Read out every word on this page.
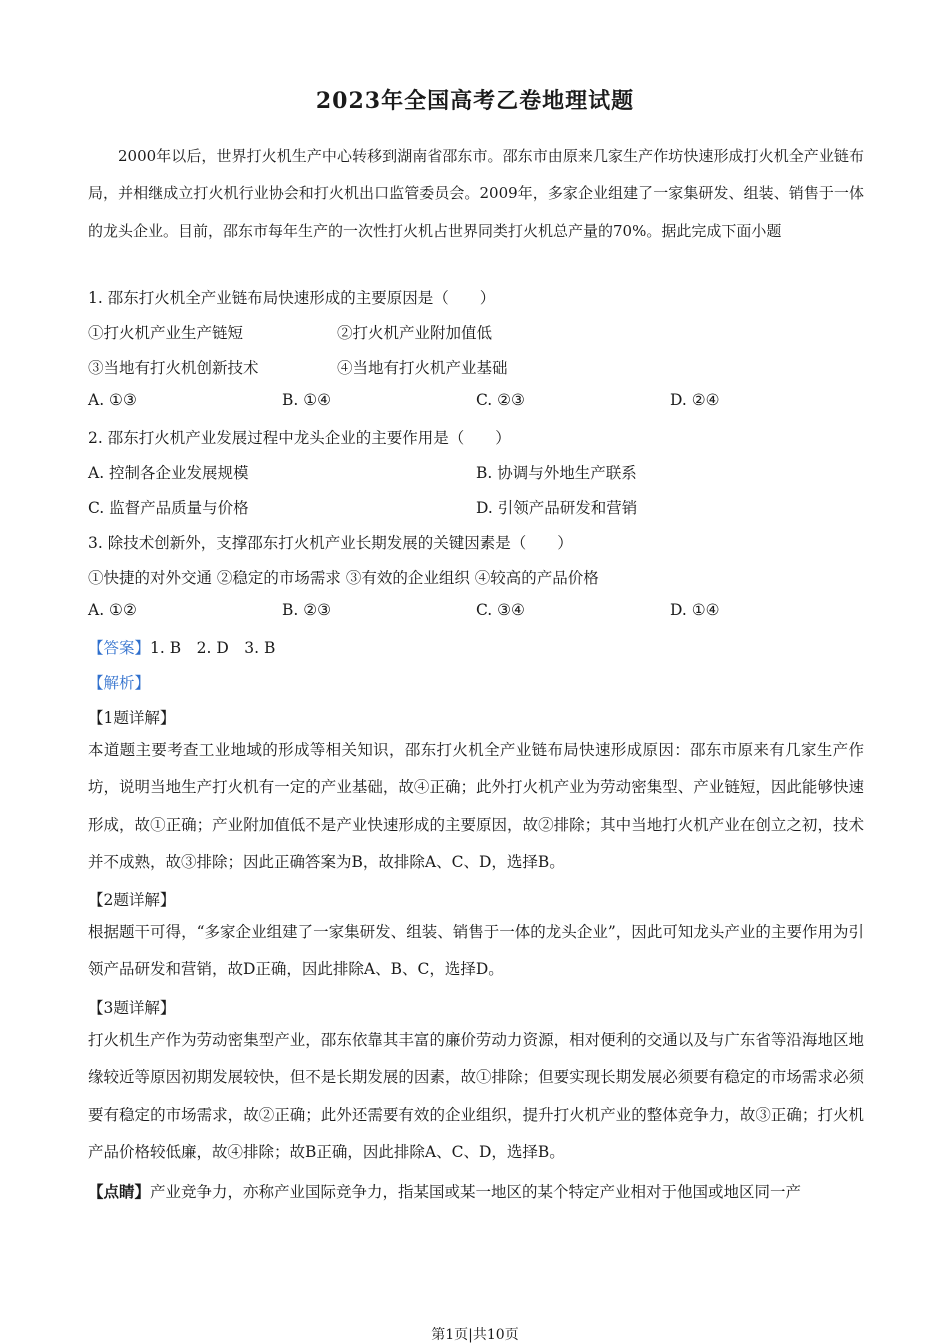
2023年全国高考乙卷地理试题
2000年以后，世界打火机生产中心转移到湖南省邵东市。邵东市由原来几家生产作坊快速形成打火机全产业链布局，并相继成立打火机行业协会和打火机出口监管委员会。2009年，多家企业组建了一家集研发、组装、销售于一体的龙头企业。目前，邵东市每年生产的一次性打火机占世界同类打火机总产量的70%。据此完成下面小题
1. 邵东打火机全产业链布局快速形成的主要原因是（　　）
①打火机产业生产链短	②打火机产业附加值低
③当地有打火机创新技术	④当地有打火机产业基础
A. ①③	B. ①④	C. ②③	D. ②④
2. 邵东打火机产业发展过程中龙头企业的主要作用是（　　）
A. 控制各企业发展规模	B. 协调与外地生产联系
C. 监督产品质量与价格	D. 引领产品研发和营销
3. 除技术创新外，支撑邵东打火机产业长期发展的关键因素是（　　）
①快捷的对外交通 ②稳定的市场需求 ③有效的企业组织 ④较高的产品价格
A. ①②	B. ②③	C. ③④	D. ①④
【答案】1. B　2. D　3. B
【解析】
【1题详解】
本道题主要考查工业地域的形成等相关知识，邵东打火机全产业链布局快速形成原因：邵东市原来有几家生产作坊，说明当地生产打火机有一定的产业基础，故④正确；此外打火机产业为劳动密集型、产业链短，因此能够快速形成，故①正确；产业附加值低不是产业快速形成的主要原因，故②排除；其中当地打火机产业在创立之初，技术并不成熟，故③排除；因此正确答案为B，故排除A、C、D，选择B。
【2题详解】
根据题干可得，“多家企业组建了一家集研发、组装、销售于一体的龙头企业”，因此可知龙头产业的主要作用为引领产品研发和营销，故D正确，因此排除A、B、C，选择D。
【3题详解】
打火机生产作为劳动密集型产业，邵东依靠其丰富的廉价劳动力资源，相对便利的交通以及与广东省等沿海地区地缘较近等原因初期发展较快，但不是长期发展的因素，故①排除；但要实现长期发展必须要有稳定的市场需求必须要有稳定的市场需求，故②正确；此外还需要有效的企业组织，提升打火机产业的整体竞争力，故③正确；打火机产品价格较低廉，故④排除；故B正确，因此排除A、C、D，选择B。
【点睛】产业竞争力，亦称产业国际竞争力，指某国或某一地区的某个特定产业相对于他国或地区同一产
第1页|共10页
